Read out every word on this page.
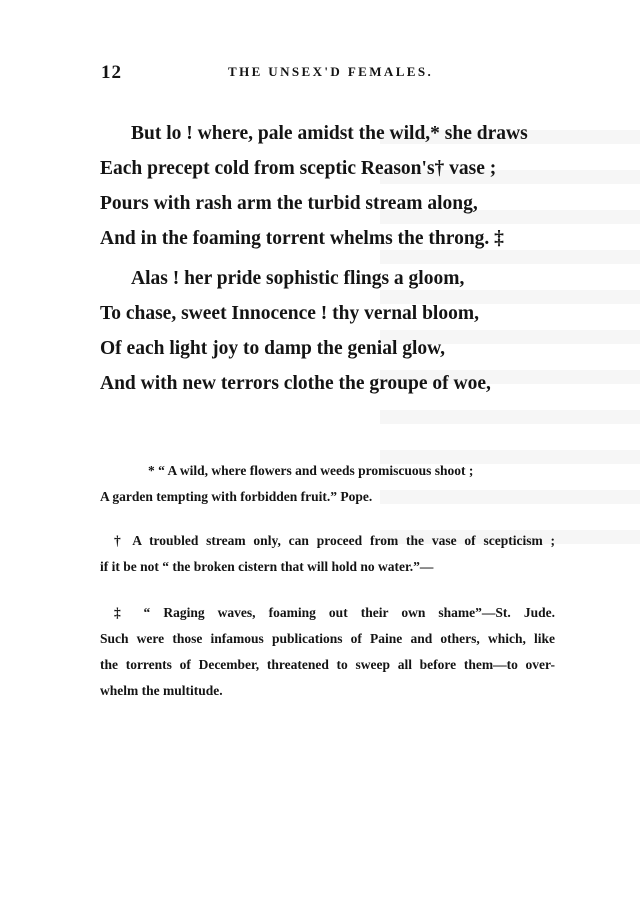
12	THE UNSEX'D FEMALES.
But lo ! where, pale amidst the wild,* she draws
Each precept cold from sceptic Reason's† vase ;
Pours with rash arm the turbid stream along,
And in the foaming torrent whelms the throng. ‡
Alas ! her pride sophistic flings a gloom,
To chase, sweet Innocence ! thy vernal bloom,
Of each light joy to damp the genial glow,
And with new terrors clothe the groupe of woe,
* “ A wild, where flowers and weeds promiscuous shoot ;
A garden tempting with forbidden fruit.” Pope.
† A troubled stream only, can proceed from the vase of scepticism ;
if it be not “ the broken cistern that will hold no water.”—
‡ “ Raging waves, foaming out their own shame”—St. Jude.
Such were those infamous publications of Paine and others, which, like
the torrents of December, threatened to sweep all before them—to over-
whelm the multitude.
